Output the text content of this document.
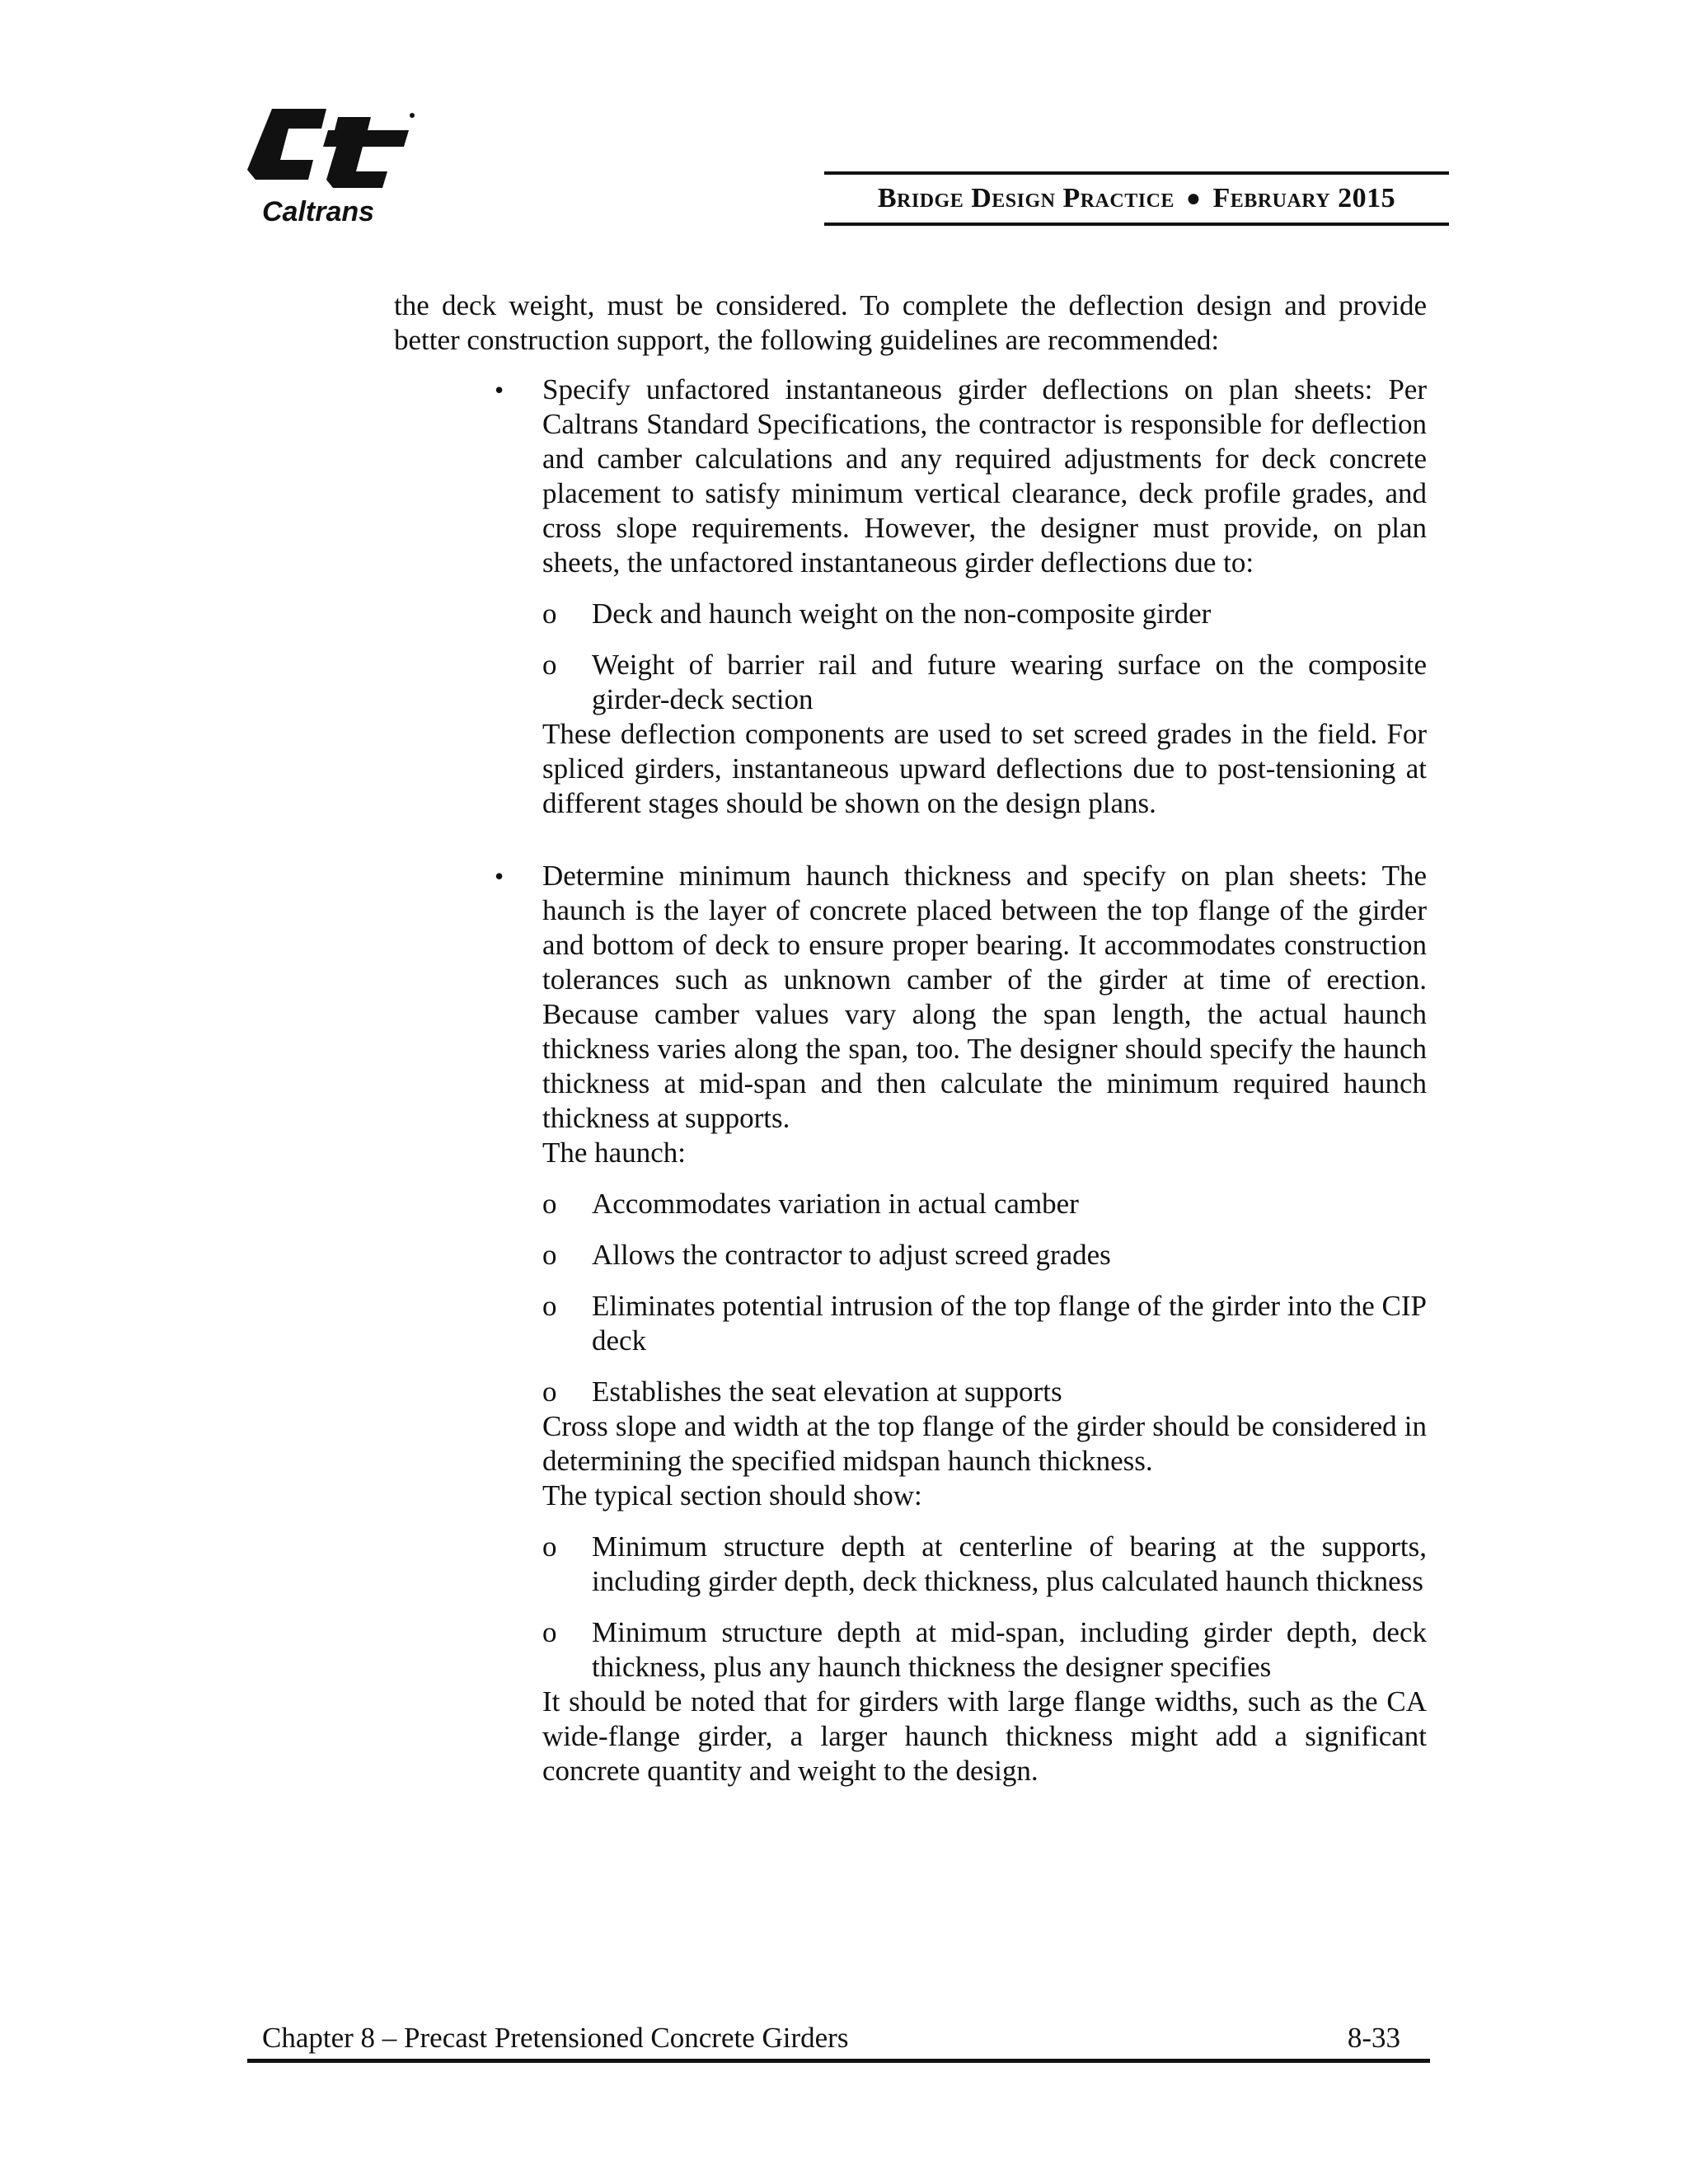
Caltrans	Bridge Design Practice ● February 2015

the deck weight, must be considered. To complete the deflection design and provide better construction support, the following guidelines are recommended:

• Specify unfactored instantaneous girder deflections on plan sheets: Per Caltrans Standard Specifications, the contractor is responsible for deflection and camber calculations and any required adjustments for deck concrete placement to satisfy minimum vertical clearance, deck profile grades, and cross slope requirements. However, the designer must provide, on plan sheets, the unfactored instantaneous girder deflections due to:

o Deck and haunch weight on the non-composite girder

o Weight of barrier rail and future wearing surface on the composite girder-deck section

These deflection components are used to set screed grades in the field. For spliced girders, instantaneous upward deflections due to post-tensioning at different stages should be shown on the design plans.

• Determine minimum haunch thickness and specify on plan sheets: The haunch is the layer of concrete placed between the top flange of the girder and bottom of deck to ensure proper bearing. It accommodates construction tolerances such as unknown camber of the girder at time of erection. Because camber values vary along the span length, the actual haunch thickness varies along the span, too. The designer should specify the haunch thickness at mid-span and then calculate the minimum required haunch thickness at supports.

The haunch:

o Accommodates variation in actual camber

o Allows the contractor to adjust screed grades

o Eliminates potential intrusion of the top flange of the girder into the CIP deck

o Establishes the seat elevation at supports

Cross slope and width at the top flange of the girder should be considered in determining the specified midspan haunch thickness.

The typical section should show:

o Minimum structure depth at centerline of bearing at the supports, including girder depth, deck thickness, plus calculated haunch thickness

o Minimum structure depth at mid-span, including girder depth, deck thickness, plus any haunch thickness the designer specifies

It should be noted that for girders with large flange widths, such as the CA wide-flange girder, a larger haunch thickness might add a significant concrete quantity and weight to the design.

Chapter 8 – Precast Pretensioned Concrete Girders	8-33
